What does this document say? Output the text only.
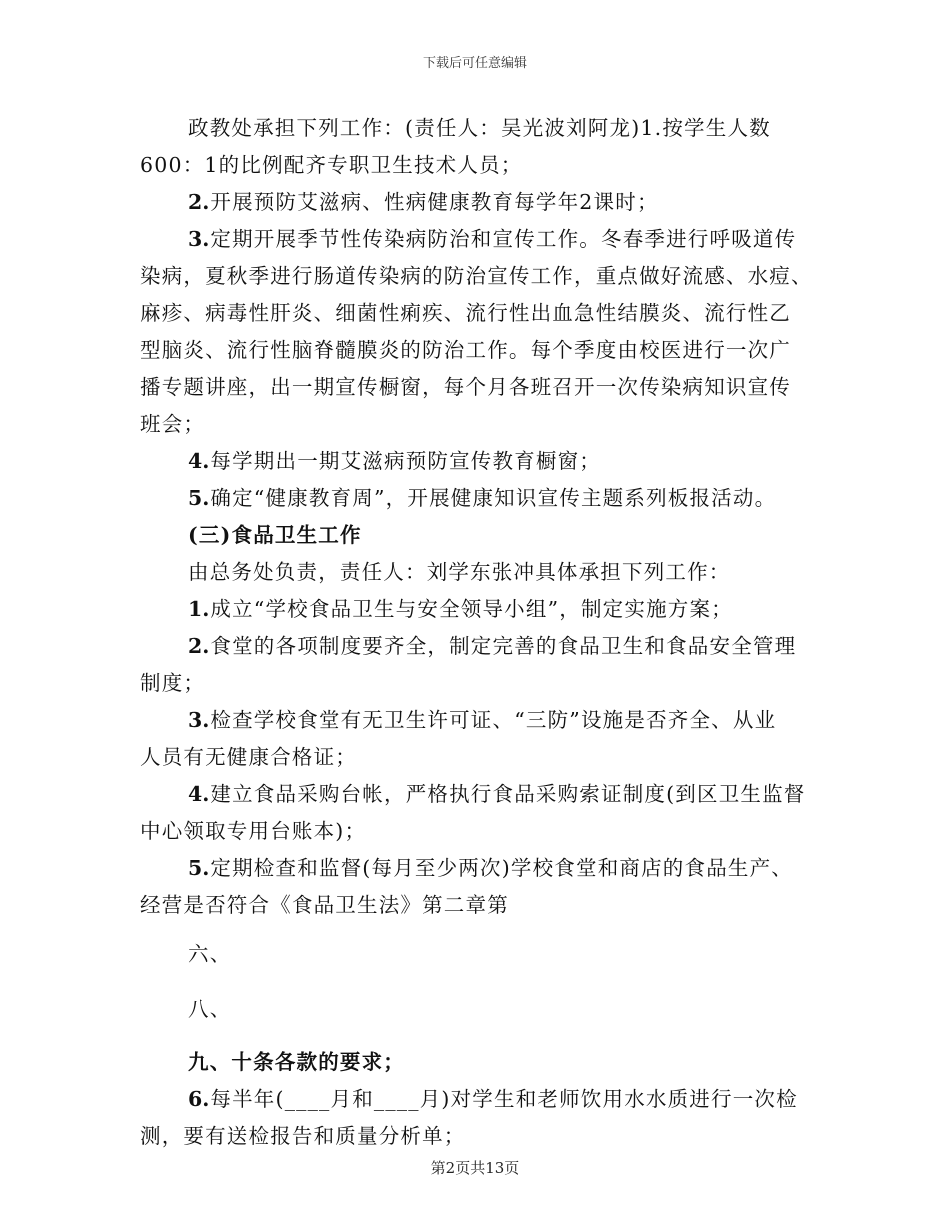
下载后可任意编辑
政教处承担下列工作：(责任人：吴光波刘阿龙)1.按学生人数
600：1的比例配齐专职卫生技术人员；
2.开展预防艾滋病、性病健康教育每学年2课时；
3.定期开展季节性传染病防治和宣传工作。冬春季进行呼吸道传
染病，夏秋季进行肠道传染病的防治宣传工作，重点做好流感、水痘、
麻疹、病毒性肝炎、细菌性痢疾、流行性出血急性结膜炎、流行性乙
型脑炎、流行性脑脊髓膜炎的防治工作。每个季度由校医进行一次广
播专题讲座，出一期宣传橱窗，每个月各班召开一次传染病知识宣传
班会；
4.每学期出一期艾滋病预防宣传教育橱窗；
5.确定“健康教育周”，开展健康知识宣传主题系列板报活动。
(三)食品卫生工作
由总务处负责，责任人：刘学东张冲具体承担下列工作：
1.成立“学校食品卫生与安全领导小组”，制定实施方案；
2.食堂的各项制度要齐全，制定完善的食品卫生和食品安全管理
制度；
3.检查学校食堂有无卫生许可证、“三防”设施是否齐全、从业
人员有无健康合格证；
4.建立食品采购台帐，严格执行食品采购索证制度(到区卫生监督
中心领取专用台账本)；
5.定期检查和监督(每月至少两次)学校食堂和商店的食品生产、
经营是否符合《食品卫生法》第二章第
六、
八、
九、十条各款的要求；
6.每半年(____月和____月)对学生和老师饮用水水质进行一次检
测，要有送检报告和质量分析单；
第2页共13页
